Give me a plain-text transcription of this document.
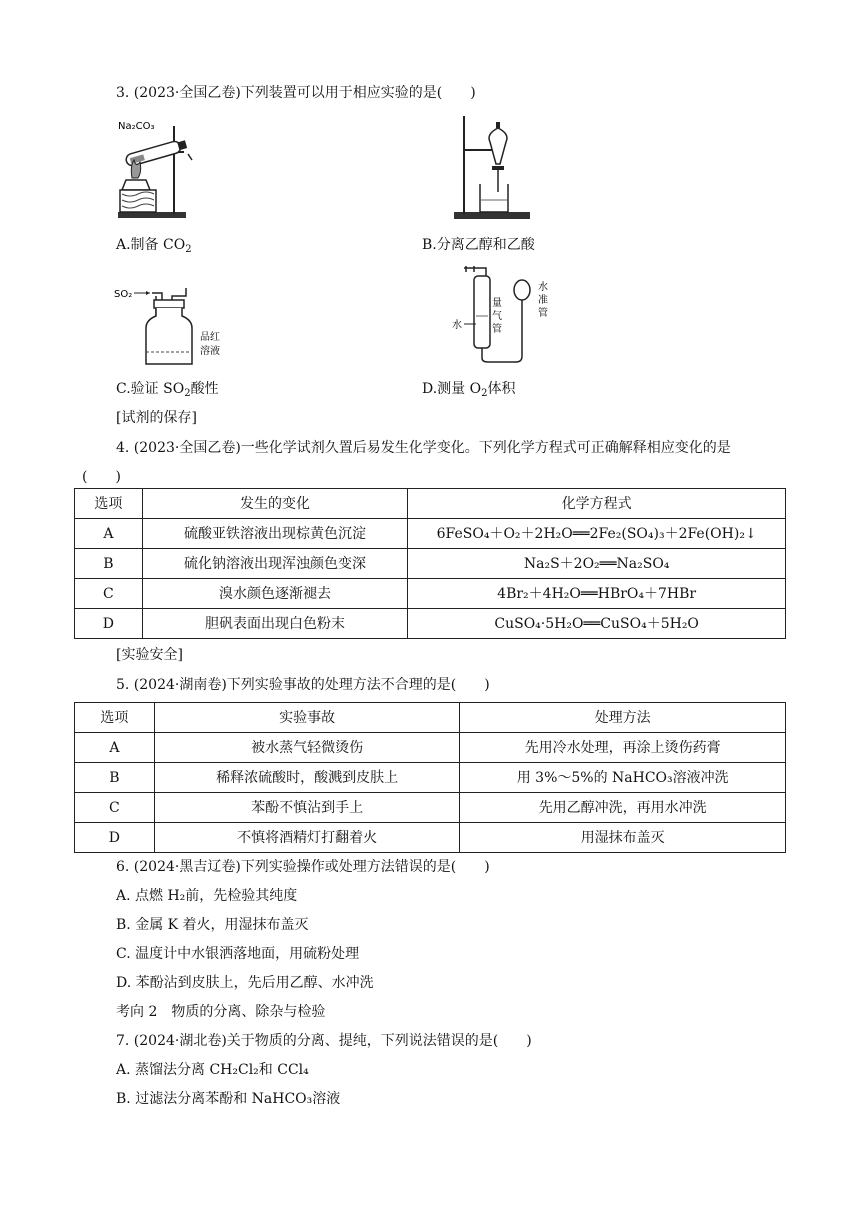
3. (2023·全国乙卷)下列装置可以用于相应实验的是(　　)
Na₂CO₃
A.制备 $CO_2$	B.分离乙醇和乙酸
SO₂
品红
溶液
水
量
气
管
水
准
管
C.验证 $SO_2$酸性	D.测量 $O_2$体积
[试剂的保存]
4. (2023·全国乙卷)一些化学试剂久置后易发生化学变化。下列化学方程式可正确解释相应变化的是
(　　)
选项	发生的变化	化学方程式
A	硫酸亚铁溶液出现棕黄色沉淀	6FeSO₄＋O₂＋2H₂O══2Fe₂(SO₄)₃＋2Fe(OH)₂↓
B	硫化钠溶液出现浑浊颜色变深	Na₂S＋2O₂══Na₂SO₄
C	溴水颜色逐渐褪去	4Br₂＋4H₂O══HBrO₄＋7HBr
D	胆矾表面出现白色粉末	CuSO₄·5H₂O══CuSO₄＋5H₂O
[实验安全]
5. (2024·湖南卷)下列实验事故的处理方法不合理的是(　　)
选项	实验事故	处理方法
A	被水蒸气轻微烫伤	先用冷水处理，再涂上烫伤药膏
B	稀释浓硫酸时，酸溅到皮肤上	用 3%～5%的 NaHCO₃溶液冲洗
C	苯酚不慎沾到手上	先用乙醇冲洗，再用水冲洗
D	不慎将酒精灯打翻着火	用湿抹布盖灭
6. (2024·黑吉辽卷)下列实验操作或处理方法错误的是(　　)
A. 点燃 H₂前，先检验其纯度
B. 金属 K 着火，用湿抹布盖灭
C. 温度计中水银洒落地面，用硫粉处理
D. 苯酚沾到皮肤上，先后用乙醇、水冲洗
考向 2　物质的分离、除杂与检验
7. (2024·湖北卷)关于物质的分离、提纯，下列说法错误的是(　　)
A. 蒸馏法分离 CH₂Cl₂和 CCl₄
B. 过滤法分离苯酚和 NaHCO₃溶液
